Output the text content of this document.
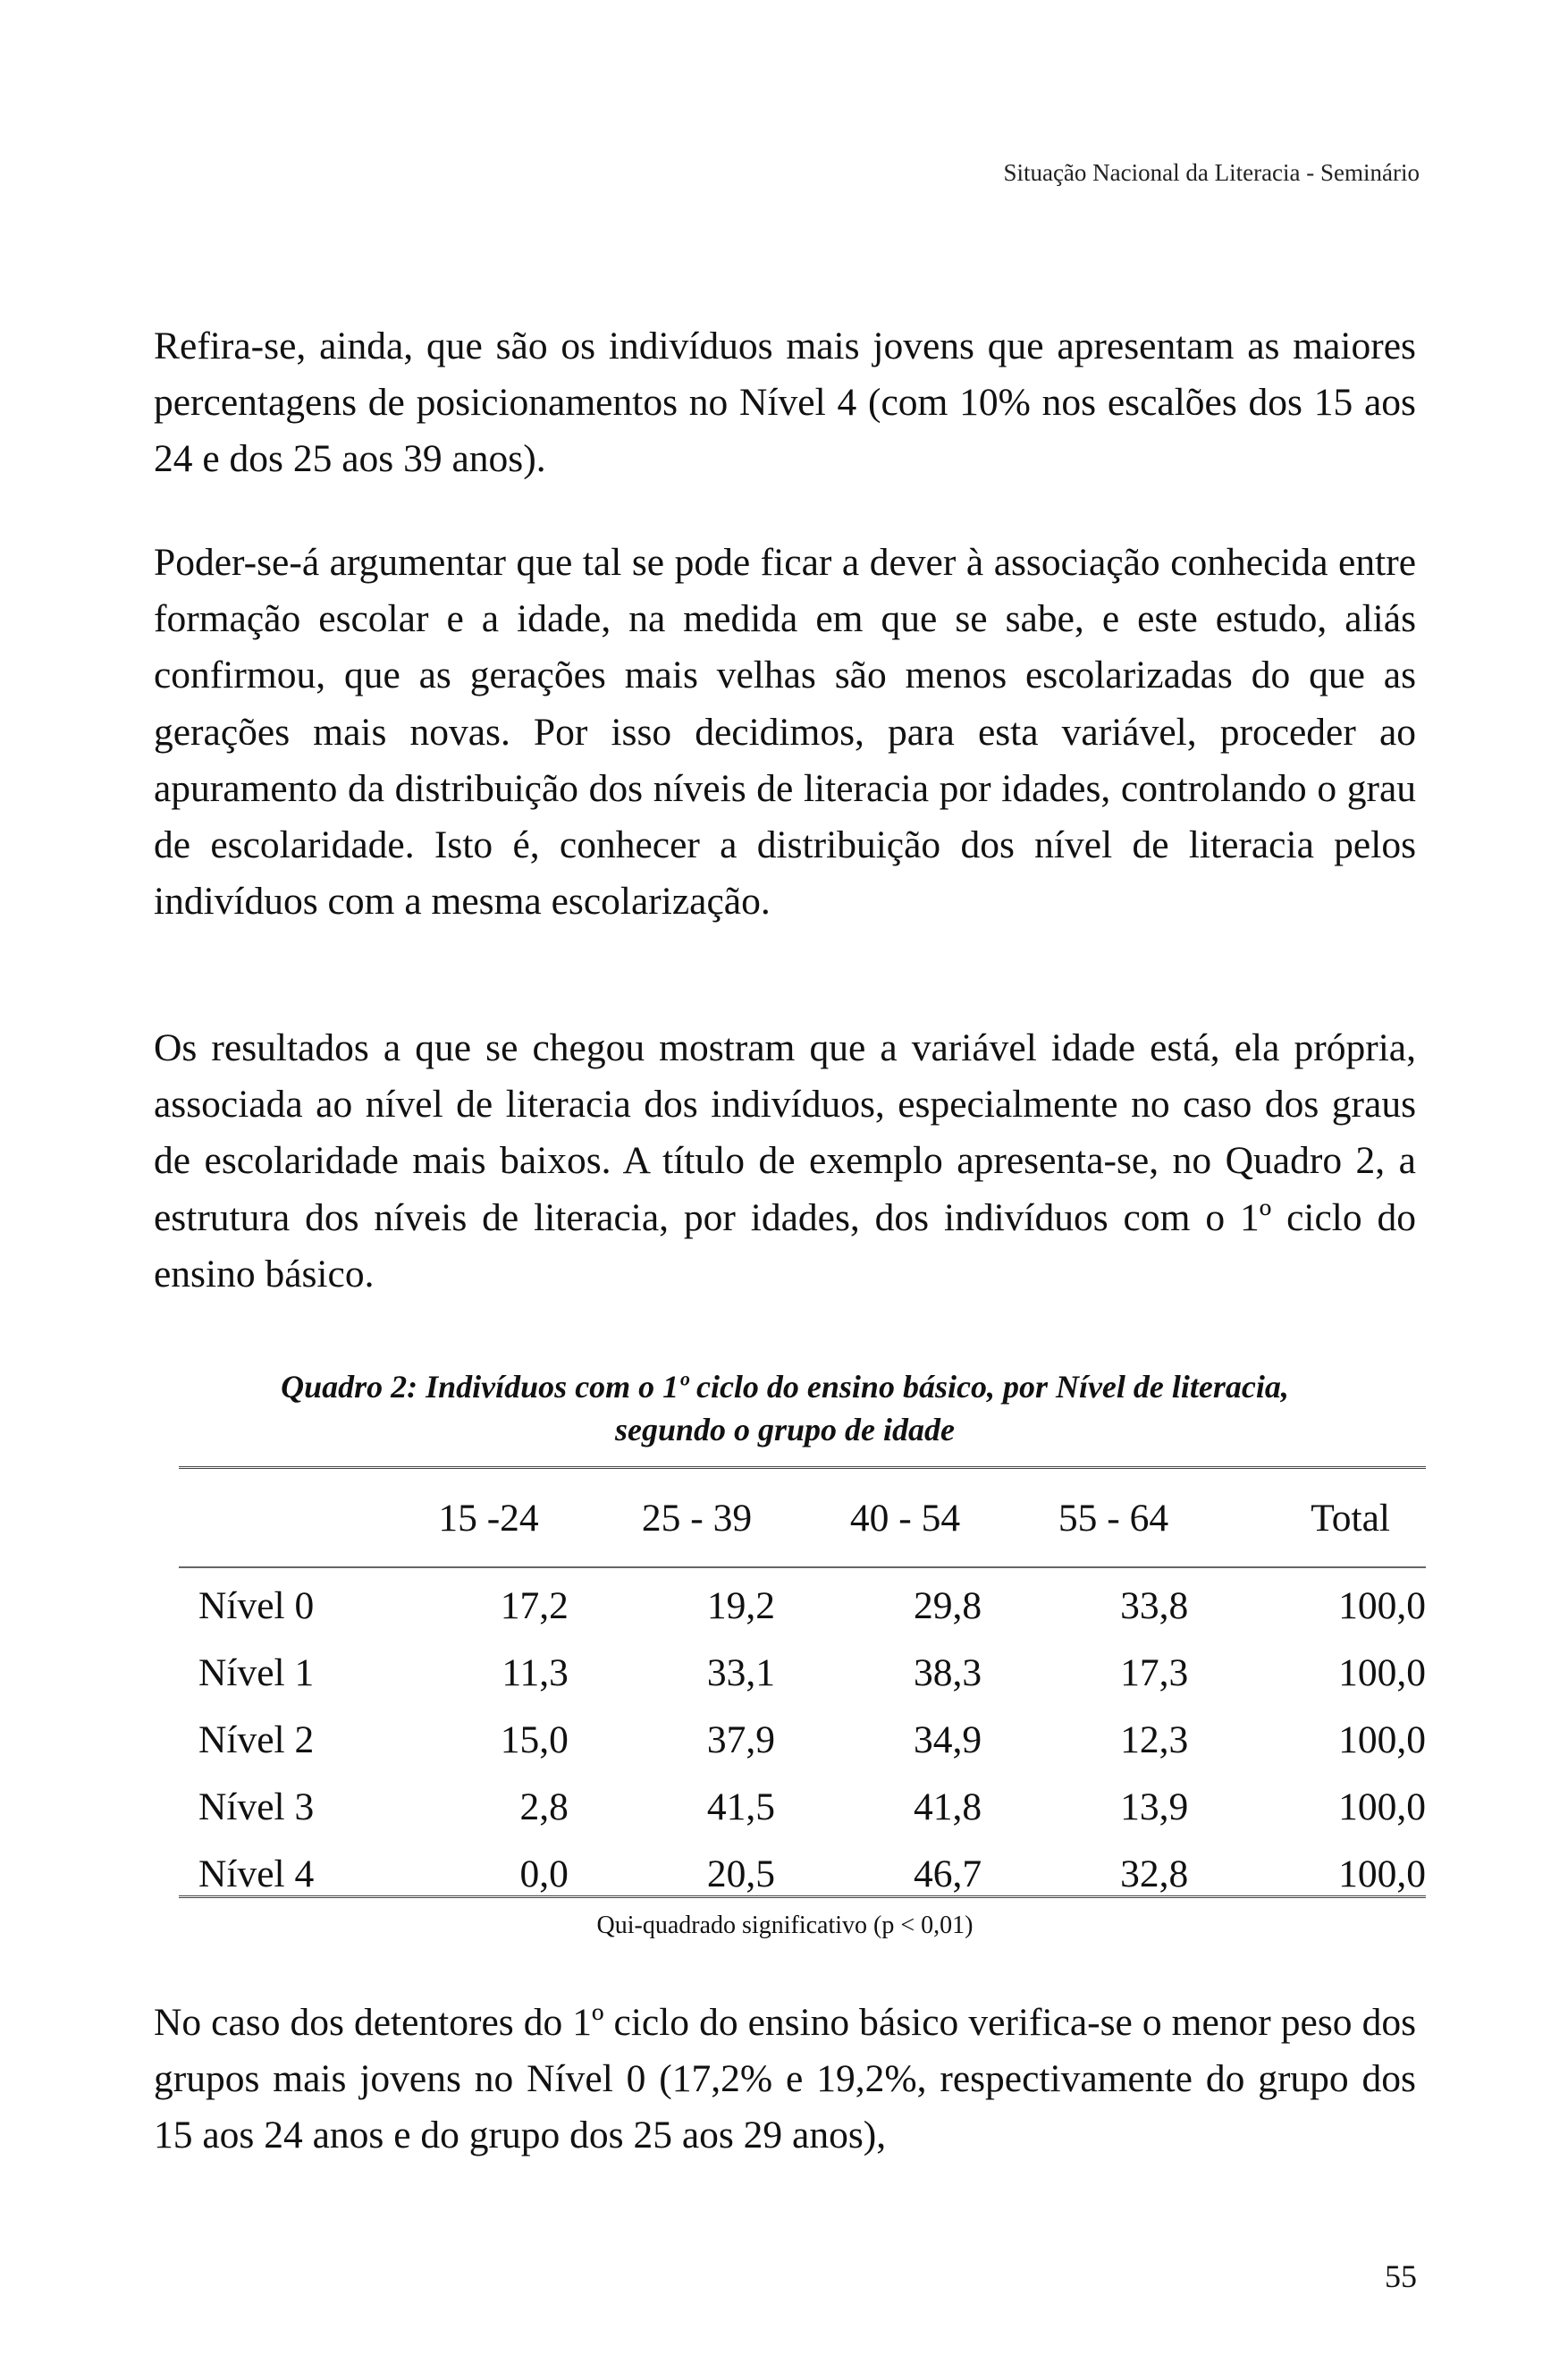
Situação Nacional da Literacia - Seminário

Refira-se, ainda, que são os indivíduos mais jovens que apresentam as maiores percentagens de posicionamentos no Nível 4 (com 10% nos escalões dos 15 aos 24 e dos 25 aos 39 anos).

Poder-se-á argumentar que tal se pode ficar a dever à associação conhecida entre formação escolar e a idade, na medida em que se sabe, e este estudo, aliás confirmou, que as gerações mais velhas são menos escolarizadas do que as gerações mais novas. Por isso decidimos, para esta variável, proceder ao apuramento da distribuição dos níveis de literacia por idades, controlando o grau de escolaridade. Isto é, conhecer a distribuição dos nível de literacia pelos indivíduos com a mesma escolarização.

Os resultados a que se chegou mostram que a variável idade está, ela própria, associada ao nível de literacia dos indivíduos, especialmente no caso dos graus de escolaridade mais baixos. A título de exemplo apresenta-se, no Quadro 2, a estrutura dos níveis de literacia, por idades, dos indivíduos com o 1º ciclo do ensino básico.

Quadro 2: Indivíduos com o 1º ciclo do ensino básico, por Nível de literacia,
segundo o grupo de idade
	15 -24	25 - 39	40 - 54	55 - 64	Total
Nível 0	17,2	19,2	29,8	33,8	100,0
Nível 1	11,3	33,1	38,3	17,3	100,0
Nível 2	15,0	37,9	34,9	12,3	100,0
Nível 3	2,8	41,5	41,8	13,9	100,0
Nível 4	0,0	20,5	46,7	32,8	100,0
Qui-quadrado significativo (p < 0,01)

No caso dos detentores do 1º ciclo do ensino básico verifica-se o menor peso dos grupos mais jovens no Nível 0 (17,2% e 19,2%, respectivamente do grupo dos 15 aos 24 anos e do grupo dos 25 aos 29 anos),

55
